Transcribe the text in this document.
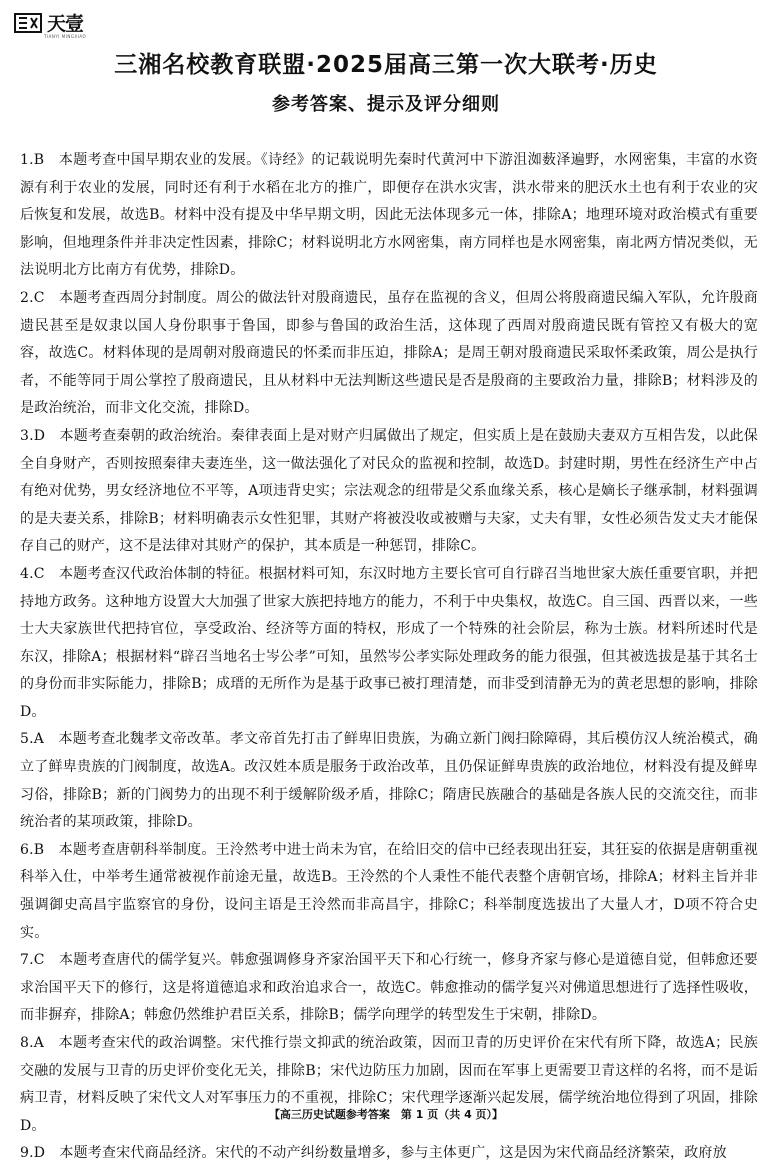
天壹
TIANYI MINGXIAO
三湘名校教育联盟·2025届高三第一次大联考·历史
参考答案、提示及评分细则

1.B　 本题考查中国早期农业的发展。《诗经》的记载说明先秦时代黄河中下游沮洳薮泽遍野，水网密集，丰富的水资源有利于农业的发展，同时还有利于水稻在北方的推广，即便存在洪水灾害，洪水带来的肥沃水土也有利于农业的灾后恢复和发展，故选B。材料中没有提及中华早期文明，因此无法体现多元一体，排除A；地理环境对政治模式有重要影响，但地理条件并非决定性因素，排除C；材料说明北方水网密集，南方同样也是水网密集，南北两方情况类似，无法说明北方比南方有优势，排除D。

2.C　 本题考查西周分封制度。周公的做法针对殷商遗民，虽存在监视的含义，但周公将殷商遗民编入军队，允许殷商遗民甚至是奴隶以国人身份职事于鲁国，即参与鲁国的政治生活，这体现了西周对殷商遗民既有管控又有极大的宽容，故选C。材料体现的是周朝对殷商遗民的怀柔而非压迫，排除A；是周王朝对殷商遗民采取怀柔政策，周公是执行者，不能等同于周公掌控了殷商遗民，且从材料中无法判断这些遗民是否是殷商的主要政治力量，排除B；材料涉及的是政治统治，而非文化交流，排除D。

3.D　 本题考查秦朝的政治统治。秦律表面上是对财产归属做出了规定，但实质上是在鼓励夫妻双方互相告发，以此保全自身财产，否则按照秦律夫妻连坐，这一做法强化了对民众的监视和控制，故选D。封建时期，男性在经济生产中占有绝对优势，男女经济地位不平等，A项违背史实；宗法观念的纽带是父系血缘关系，核心是嫡长子继承制，材料强调的是夫妻关系，排除B；材料明确表示女性犯罪，其财产将被没收或被赠与夫家，丈夫有罪，女性必须告发丈夫才能保存自己的财产，这不是法律对其财产的保护，其本质是一种惩罚，排除C。

4.C　 本题考查汉代政治体制的特征。根据材料可知，东汉时地方主要长官可自行辟召当地世家大族任重要官职，并把持地方政务。这种地方设置大大加强了世家大族把持地方的能力，不利于中央集权，故选C。自三国、西晋以来，一些士大夫家族世代把持官位，享受政治、经济等方面的特权，形成了一个特殊的社会阶层，称为士族。材料所述时代是东汉，排除A；根据材料“辟召当地名士岑公孝”可知，虽然岑公孝实际处理政务的能力很强，但其被选拔是基于其名士的身份而非实际能力，排除B；成瑨的无所作为是基于政事已被打理清楚，而非受到清静无为的黄老思想的影响，排除D。

5.A　 本题考查北魏孝文帝改革。孝文帝首先打击了鲜卑旧贵族，为确立新门阀扫除障碍，其后模仿汉人统治模式，确立了鲜卑贵族的门阀制度，故选A。改汉姓本质是服务于政治改革，且仍保证鲜卑贵族的政治地位，材料没有提及鲜卑习俗，排除B；新的门阀势力的出现不利于缓解阶级矛盾，排除C；隋唐民族融合的基础是各族人民的交流交往，而非统治者的某项政策，排除D。

6.B　 本题考查唐朝科举制度。王泠然考中进士尚未为官，在给旧交的信中已经表现出狂妄，其狂妄的依据是唐朝重视科举入仕，中举考生通常被视作前途无量，故选B。王泠然的个人秉性不能代表整个唐朝官场，排除A；材料主旨并非强调御史高昌宇监察官的身份，设问主语是王泠然而非高昌宇，排除C；科举制度选拔出了大量人才，D项不符合史实。

7.C　 本题考查唐代的儒学复兴。韩愈强调修身齐家治国平天下和心行统一，修身齐家与修心是道德自觉，但韩愈还要求治国平天下的修行，这是将道德追求和政治追求合一，故选C。韩愈推动的儒学复兴对佛道思想进行了选择性吸收，而非摒弃，排除A；韩愈仍然维护君臣关系，排除B；儒学向理学的转型发生于宋朝，排除D。

8.A　 本题考查宋代的政治调整。宋代推行崇文抑武的统治政策，因而卫青的历史评价在宋代有所下降，故选A；民族交融的发展与卫青的历史评价变化无关，排除B；宋代边防压力加剧，因而在军事上更需要卫青这样的名将，而不是诟病卫青，材料反映了宋代文人对军事压力的不重视，排除C；宋代理学逐渐兴起发展，儒学统治地位得到了巩固，排除D。

9.D　 本题考查宋代商品经济。宋代的不动产纠纷数量增多，参与主体更广，这是因为宋代商品经济繁荣，政府放

【高三历史试题参考答案　第 1 页（共 4 页）】
